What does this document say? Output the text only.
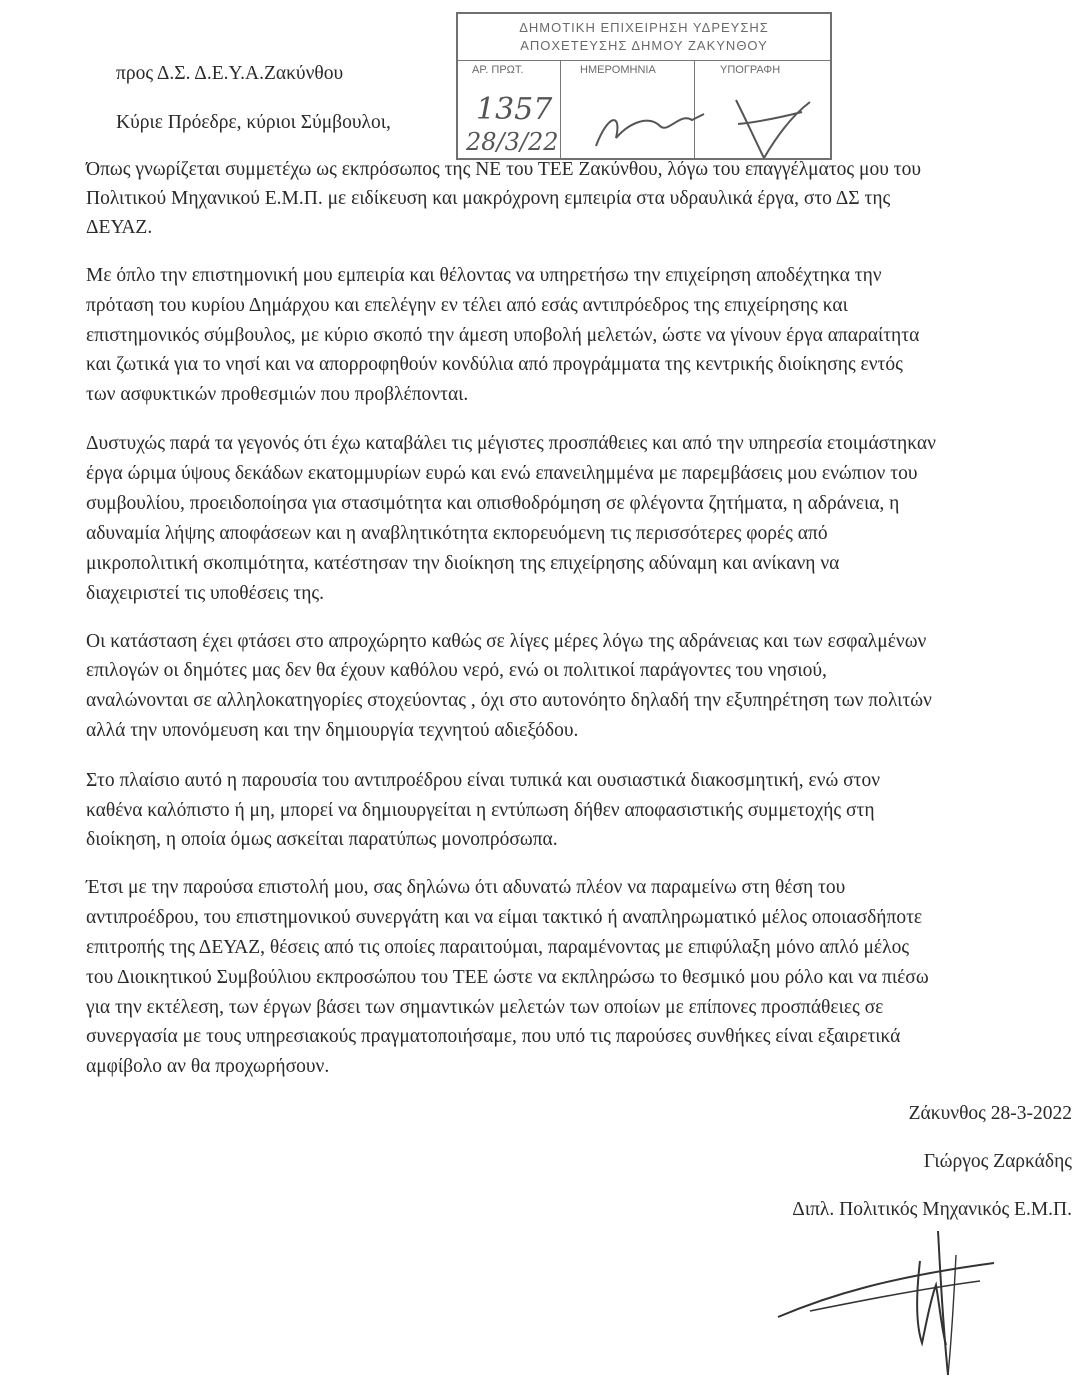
ΔΗΜΟΤΙΚΗ ΕΠΙΧΕΙΡΗΣΗ ΥΔΡΕΥΣΗΣ
ΑΠΟΧΕΤΕΥΣΗΣ ΔΗΜΟΥ ΖΑΚΥΝΘΟΥ
ΑΡ. ΠΡΩΤ.	ΗΜΕΡΟΜΗΝΙΑ	ΥΠΟΓΡΑΦΗ
1357
28/3/22
προς Δ.Σ. Δ.Ε.Υ.Α.Ζακύνθου
Κύριε Πρόεδρε, κύριοι Σύμβουλοι,
Όπως γνωρίζεται συμμετέχω ως εκπρόσωπος της ΝΕ του ΤΕΕ Ζακύνθου, λόγω του επαγγέλματος μου του
Πολιτικού Μηχανικού Ε.Μ.Π. με ειδίκευση και μακρόχρονη εμπειρία στα υδραυλικά έργα, στο ΔΣ της
ΔΕΥΑΖ.
Με όπλο την επιστημονική μου εμπειρία και θέλοντας να υπηρετήσω την επιχείρηση αποδέχτηκα την
πρόταση του κυρίου Δημάρχου και επελέγην εν τέλει από εσάς αντιπρόεδρος της επιχείρησης και
επιστημονικός σύμβουλος, με κύριο σκοπό την άμεση υποβολή μελετών, ώστε να γίνουν έργα απαραίτητα
και ζωτικά για το νησί και να απορροφηθούν κονδύλια από προγράμματα της κεντρικής διοίκησης εντός
των ασφυκτικών προθεσμιών που προβλέπονται.
Δυστυχώς παρά τα γεγονός ότι έχω καταβάλει τις μέγιστες προσπάθειες και από την υπηρεσία ετοιμάστηκαν
έργα ώριμα ύψους δεκάδων εκατομμυρίων ευρώ και ενώ επανειλημμένα με παρεμβάσεις μου ενώπιον του
συμβουλίου, προειδοποίησα για στασιμότητα και οπισθοδρόμηση σε φλέγοντα ζητήματα, η αδράνεια, η
αδυναμία λήψης αποφάσεων και η αναβλητικότητα εκπορευόμενη τις περισσότερες φορές από
μικροπολιτική σκοπιμότητα, κατέστησαν την διοίκηση της επιχείρησης αδύναμη και ανίκανη να
διαχειριστεί τις υποθέσεις της.
Οι κατάσταση έχει φτάσει στο απροχώρητο καθώς σε λίγες μέρες λόγω της αδράνειας και των εσφαλμένων
επιλογών οι δημότες μας δεν θα έχουν καθόλου νερό, ενώ οι πολιτικοί παράγοντες του νησιού,
αναλώνονται σε αλληλοκατηγορίες στοχεύοντας , όχι στο αυτονόητο δηλαδή την εξυπηρέτηση των πολιτών
αλλά την υπονόμευση και την δημιουργία τεχνητού αδιεξόδου.
Στο πλαίσιο αυτό η παρουσία του αντιπροέδρου είναι τυπικά και ουσιαστικά διακοσμητική, ενώ στον
καθένα καλόπιστο ή μη, μπορεί να δημιουργείται η εντύπωση δήθεν αποφασιστικής συμμετοχής στη
διοίκηση, η οποία όμως ασκείται παρατύπως μονοπρόσωπα.
Έτσι με την παρούσα επιστολή μου, σας δηλώνω ότι αδυνατώ πλέον να παραμείνω στη θέση του
αντιπροέδρου, του επιστημονικού συνεργάτη και να είμαι τακτικό ή αναπληρωματικό μέλος οποιασδήποτε
επιτροπής της ΔΕΥΑΖ, θέσεις από τις οποίες παραιτούμαι, παραμένοντας με επιφύλαξη μόνο απλό μέλος
του Διοικητικού Συμβούλιου εκπροσώπου του ΤΕΕ ώστε να εκπληρώσω το θεσμικό μου ρόλο και να πιέσω
για την εκτέλεση, των έργων βάσει των σημαντικών μελετών των οποίων με επίπονες προσπάθειες σε
συνεργασία με τους υπηρεσιακούς πραγματοποιήσαμε, που υπό τις παρούσες συνθήκες είναι εξαιρετικά
αμφίβολο αν θα προχωρήσουν.
Ζάκυνθος 28-3-2022
Γιώργος Ζαρκάδης
Διπλ. Πολιτικός Μηχανικός Ε.Μ.Π.
